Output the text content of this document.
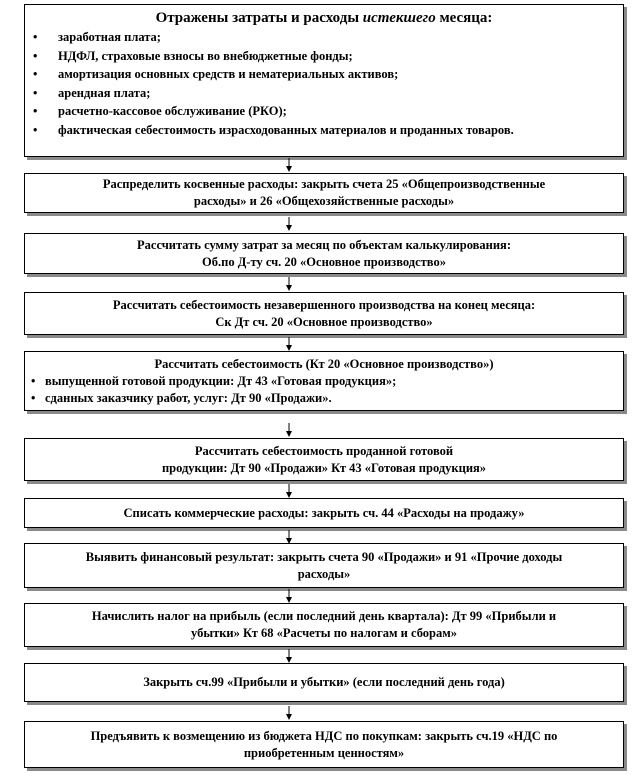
Отражены затраты и расходы истекшего месяца:
•	заработная плата;
•	НДФЛ, страховые взносы во внебюджетные фонды;
•	амортизация основных средств и нематериальных активов;
•	арендная плата;
•	расчетно-кассовое обслуживание (РКО);
•	фактическая себестоимость израсходованных материалов и проданных товаров.
Распределить косвенные расходы: закрыть счета 25 «Общепроизводственные
расходы» и 26 «Общехозяйственные расходы»
Рассчитать сумму затрат за месяц по объектам калькулирования:
Об.по Д-ту сч. 20 «Основное производство»
Рассчитать себестоимость незавершенного производства на конец месяца:
Ск Дт сч. 20 «Основное производство»
Рассчитать себестоимость (Кт 20 «Основное производство»)
• выпущенной готовой продукции: Дт 43 «Готовая продукция»;
• сданных заказчику работ, услуг: Дт 90 «Продажи».
Рассчитать себестоимость проданной готовой
продукции: Дт 90 «Продажи» Кт 43 «Готовая продукция»
Списать коммерческие расходы: закрыть сч. 44 «Расходы на продажу»
Выявить финансовый результат: закрыть счета 90 «Продажи» и 91 «Прочие доходы
расходы»
Начислить налог на прибыль (если последний день квартала): Дт 99 «Прибыли и
убытки» Кт 68 «Расчеты по налогам и сборам»
Закрыть сч.99 «Прибыли и убытки» (если последний день года)
Предъявить к возмещению из бюджета НДС по покупкам: закрыть сч.19 «НДС по
приобретенным ценностям»
